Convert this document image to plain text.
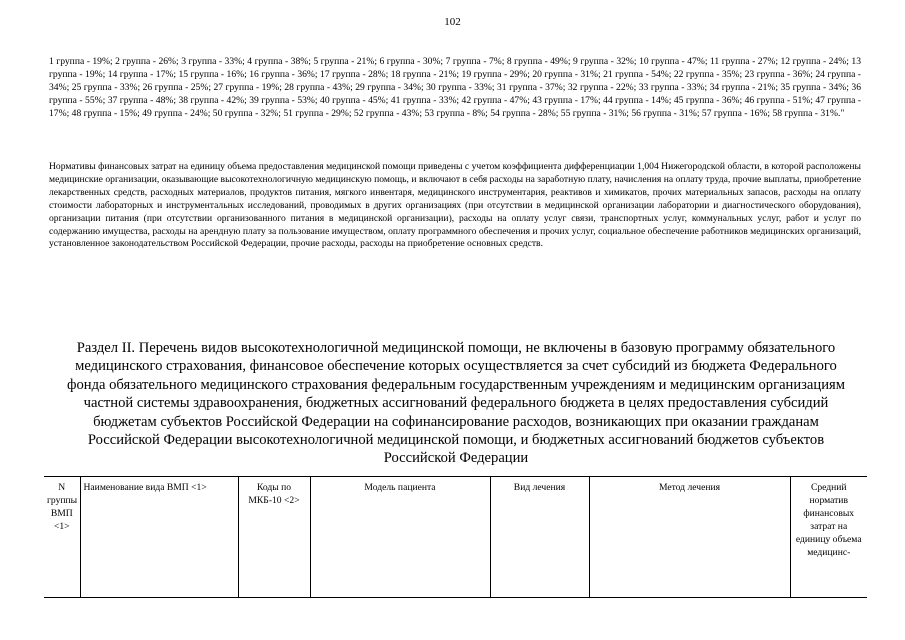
102

1 группа - 19%; 2 группа - 26%; 3 группа - 33%; 4 группа - 38%; 5 группа - 21%; 6 группа - 30%; 7 группа - 7%; 8 группа - 49%; 9 группа - 32%; 10 группа - 47%; 11 группа - 27%; 12 группа - 24%; 13 группа - 19%; 14 группа - 17%; 15 группа - 16%; 16 группа - 36%; 17 группа - 28%; 18 группа - 21%; 19 группа - 29%; 20 группа - 31%; 21 группа - 54%; 22 группа - 35%; 23 группа - 36%; 24 группа - 34%; 25 группа - 33%; 26 группа - 25%; 27 группа - 19%; 28 группа - 43%; 29 группа - 34%; 30 группа - 33%; 31 группа - 37%; 32 группа - 22%; 33 группа - 33%; 34 группа - 21%; 35 группа - 34%; 36 группа - 55%; 37 группа - 48%; 38 группа - 42%; 39 группа - 53%; 40 группа - 45%; 41 группа - 33%; 42 группа - 47%; 43 группа - 17%; 44 группа - 14%; 45 группа - 36%; 46 группа - 51%; 47 группа - 17%; 48 группа - 15%; 49 группа - 24%; 50 группа - 32%; 51 группа - 29%; 52 группа - 43%; 53 группа - 8%; 54 группа - 28%; 55 группа - 31%; 56 группа - 31%; 57 группа - 16%; 58 группа - 31%."

Нормативы финансовых затрат на единицу объема предоставления медицинской помощи приведены с учетом коэффициента дифференциации 1,004 Нижегородской области, в которой расположены медицинские организации, оказывающие высокотехнологичную медицинскую помощь, и включают в себя расходы на заработную плату, начисления на оплату труда, прочие выплаты, приобретение лекарственных средств, расходных материалов, продуктов питания, мягкого инвентаря, медицинского инструментария, реактивов и химикатов, прочих материальных запасов, расходы на оплату стоимости лабораторных и инструментальных исследований, проводимых в других организациях (при отсутствии в медицинской организации лаборатории и диагностического оборудования), организации питания (при отсутствии организованного питания в медицинской организации), расходы на оплату услуг связи, транспортных услуг, коммунальных услуг, работ и услуг по содержанию имущества, расходы на арендную плату за пользование имуществом, оплату программного обеспечения и прочих услуг, социальное обеспечение работников медицинских организаций, установленное законодательством Российской Федерации, прочие расходы, расходы на приобретение основных средств.

Раздел II. Перечень видов высокотехнологичной медицинской помощи, не включены в базовую программу обязательного медицинского страхования, финансовое обеспечение которых осуществляется за счет субсидий из бюджета Федерального фонда обязательного медицинского страхования федеральным государственным учреждениям и медицинским организациям частной системы здравоохранения, бюджетных ассигнований федерального бюджета в целях предоставления субсидий бюджетам субъектов Российской Федерации на софинансирование расходов, возникающих при оказании гражданам Российской Федерации высокотехнологичной медицинской помощи, и бюджетных ассигнований бюджетов субъектов Российской Федерации

N группы ВМП <1>	Наименование вида ВМП <1>	Коды по МКБ-10 <2>	Модель пациента	Вид лечения	Метод лечения	Средний норматив финансовых затрат на единицу объема медицинс-
